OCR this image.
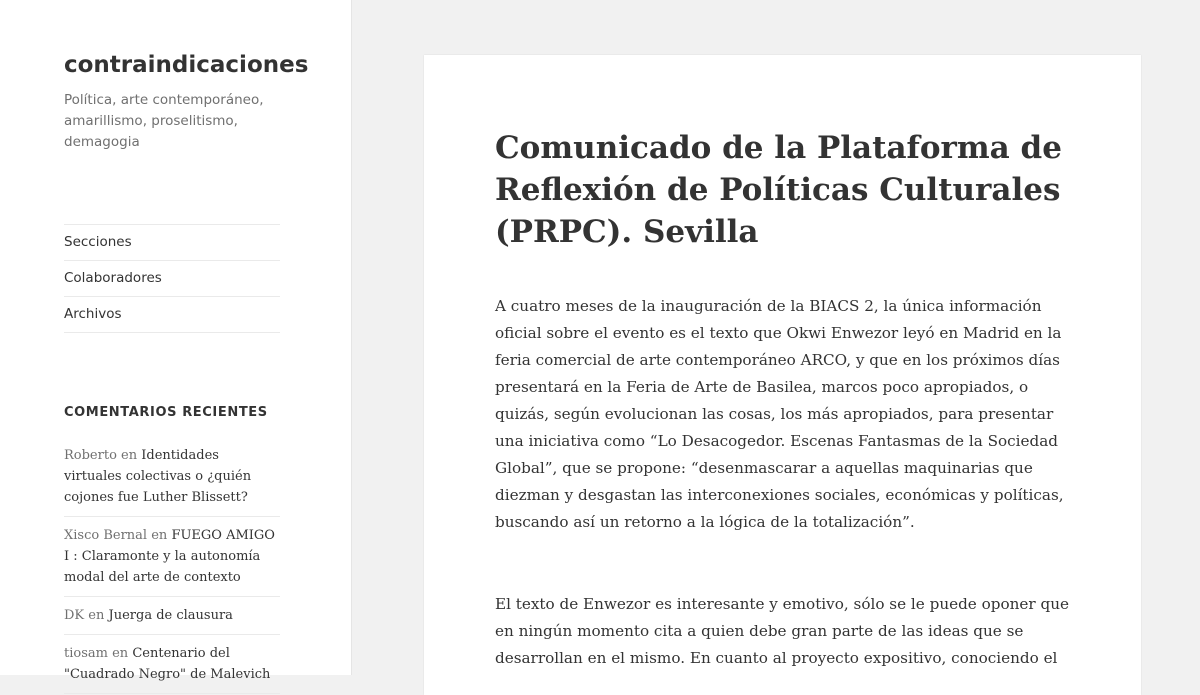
contraindicaciones
Política, arte contemporáneo, amarillismo, proselitismo, demagogia
Secciones
Colaboradores
Archivos
COMENTARIOS RECIENTES
Roberto en Identidades virtuales colectivas o ¿quién cojones fue Luther Blissett?
Xisco Bernal en FUEGO AMIGO I : Claramonte y la autonomía modal del arte de contexto
DK en Juerga de clausura
tiosam en Centenario del "Cuadrado Negro" de Malevich
Comunicado de la Plataforma de Reflexión de Políticas Culturales (PRPC). Sevilla

A cuatro meses de la inauguración de la BIACS 2, la única información oficial sobre el evento es el texto que Okwi Enwezor leyó en Madrid en la feria comercial de arte contemporáneo ARCO, y que en los próximos días presentará en la Feria de Arte de Basilea, marcos poco apropiados, o quizás, según evolucionan las cosas, los más apropiados, para presentar una iniciativa como “Lo Desacogedor. Escenas Fantasmas de la Sociedad Global”, que se propone: “desenmascarar a aquellas maquinarias que diezman y desgastan las interconexiones sociales, económicas y políticas, buscando así un retorno a la lógica de la totalización”.

El texto de Enwezor es interesante y emotivo, sólo se le puede oponer que en ningún momento cita a quien debe gran parte de las ideas que se desarrollan en el mismo. En cuanto al proyecto expositivo, conociendo el
